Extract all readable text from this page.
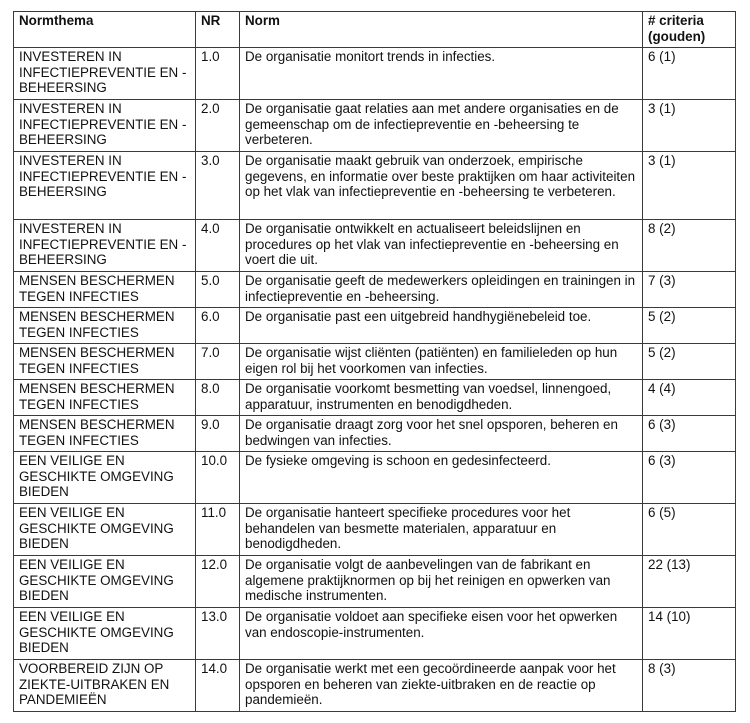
Normthema	NR	Norm	# criteria (gouden)
INVESTEREN IN INFECTIEPREVENTIE EN -BEHEERSING	1.0	De organisatie monitort trends in infecties.	6 (1)
INVESTEREN IN INFECTIEPREVENTIE EN -BEHEERSING	2.0	De organisatie gaat relaties aan met andere organisaties en de gemeenschap om de infectiepreventie en -beheersing te verbeteren.	3 (1)
INVESTEREN IN INFECTIEPREVENTIE EN -BEHEERSING	3.0	De organisatie maakt gebruik van onderzoek, empirische gegevens, en informatie over beste praktijken om haar activiteiten op het vlak van infectiepreventie en -beheersing te verbeteren.	3 (1)
INVESTEREN IN INFECTIEPREVENTIE EN -BEHEERSING	4.0	De organisatie ontwikkelt en actualiseert beleidslijnen en procedures op het vlak van infectiepreventie en -beheersing en voert die uit.	8 (2)
MENSEN BESCHERMEN TEGEN INFECTIES	5.0	De organisatie geeft de medewerkers opleidingen en trainingen in infectiepreventie en -beheersing.	7 (3)
MENSEN BESCHERMEN TEGEN INFECTIES	6.0	De organisatie past een uitgebreid handhygiënebeleid toe.	5 (2)
MENSEN BESCHERMEN TEGEN INFECTIES	7.0	De organisatie wijst cliënten (patiënten) en familieleden op hun eigen rol bij het voorkomen van infecties.	5 (2)
MENSEN BESCHERMEN TEGEN INFECTIES	8.0	De organisatie voorkomt besmetting van voedsel, linnengoed, apparatuur, instrumenten en benodigdheden.	4 (4)
MENSEN BESCHERMEN TEGEN INFECTIES	9.0	De organisatie draagt zorg voor het snel opsporen, beheren en bedwingen van infecties.	6 (3)
EEN VEILIGE EN GESCHIKTE OMGEVING BIEDEN	10.0	De fysieke omgeving is schoon en gedesinfecteerd.	6 (3)
EEN VEILIGE EN GESCHIKTE OMGEVING BIEDEN	11.0	De organisatie hanteert specifieke procedures voor het behandelen van besmette materialen, apparatuur en benodigdheden.	6 (5)
EEN VEILIGE EN GESCHIKTE OMGEVING BIEDEN	12.0	De organisatie volgt de aanbevelingen van de fabrikant en algemene praktijknormen op bij het reinigen en opwerken van medische instrumenten.	22 (13)
EEN VEILIGE EN GESCHIKTE OMGEVING BIEDEN	13.0	De organisatie voldoet aan specifieke eisen voor het opwerken van endoscopie-instrumenten.	14 (10)
VOORBEREID ZIJN OP ZIEKTE-UITBRAKEN EN PANDEMIEËN	14.0	De organisatie werkt met een gecoördineerde aanpak voor het opsporen en beheren van ziekte-uitbraken en de reactie op pandemieën.	8 (3)
